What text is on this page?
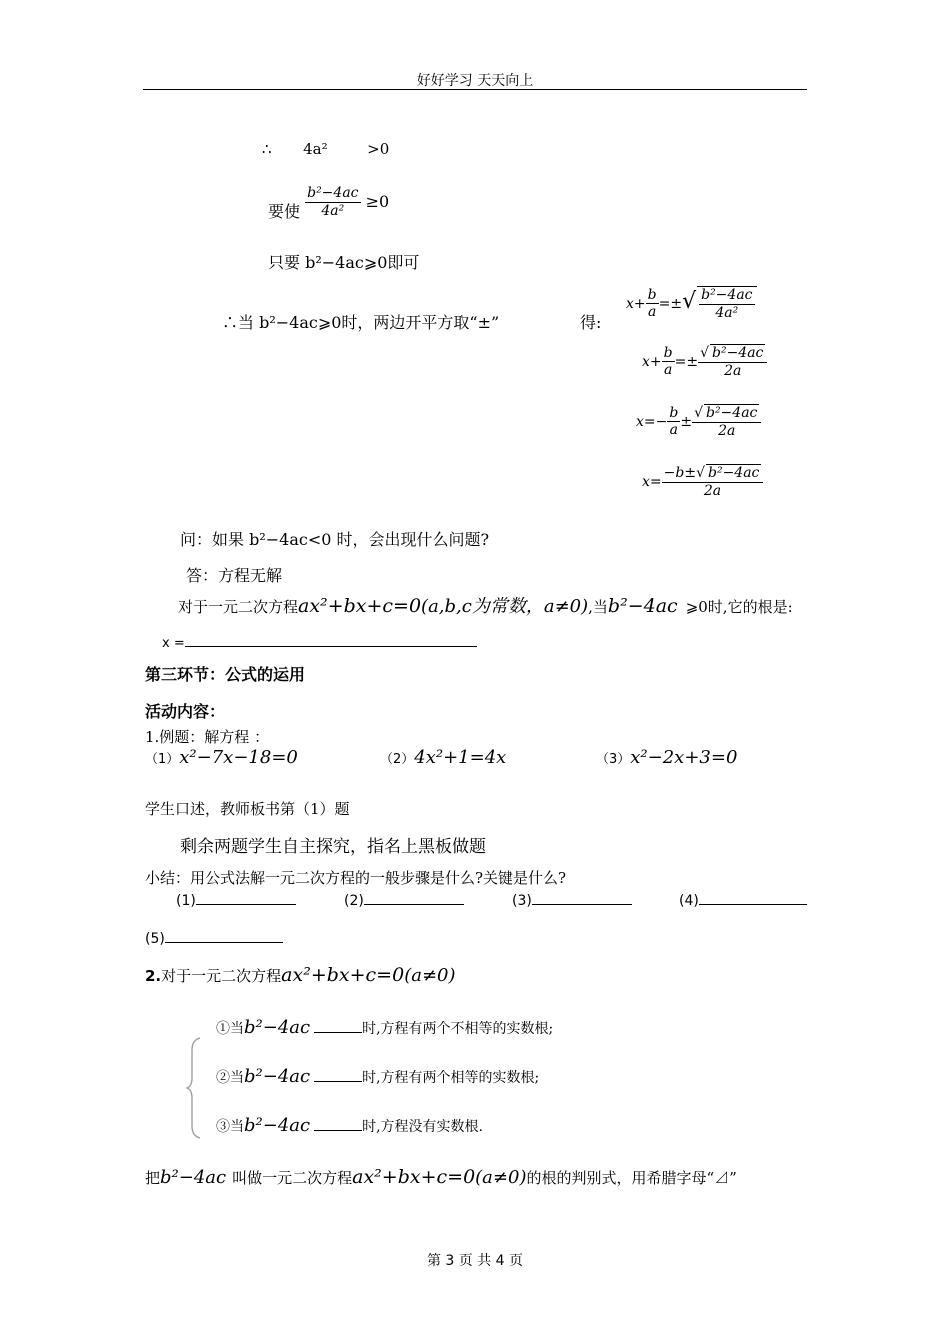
好好学习 天天向上
∴ 4a²	>0
要使 $\frac{\text{b²−4ac}}{\text{4a²}} \ge 0$
只要 b²−4ac⩾0即可
∴当 b²−4ac⩾0时，两边开平方取“±”	得:
$x+ \frac{b}{a}$ =±√ $\frac{\text{b²−4ac}}{\text{4a²}}$
$x+ \frac{b}{a} =\pm \frac{\text{√ b²−4ac}}{2a}$
$x=- \frac{b}{a} \pm \frac{\text{√ b²−4ac}}{2a}$
$x= \frac{\text{−b±√ b²−4ac}}{2a}$
问：如果 b²−4ac<0 时，会出现什么问题?
答：方程无解
对于一元二次方程ax²+bx+c=0(a,b,c为常数，a≠0),当b²−4ac ⩾0时,它的根是:
x =
第三环节：公式的运用
活动内容：
1.例题：解方程 ：
（1）x²−7x−18=0	（2）4x²+1=4x	（3）x²−2x+3=0
学生口述，教师板书第（1）题
剩余两题学生自主探究，指名上黑板做题
小结：用公式法解一元二次方程的一般步骤是什么?关键是什么?
(1)	(2)	(3)	(4)
(5)
2.对于一元二次方程ax²+bx+c=0(a≠0)
①当b²−4ac	时,方程有两个不相等的实数根;
②当b²−4ac	时,方程有两个相等的实数根;
③当b²−4ac	时,方程没有实数根.
把b²−4ac 叫做一元二次方程ax²+bx+c=0(a≠0)的根的判别式，用希腊字母“⊿”
第 3 页 共 4 页
